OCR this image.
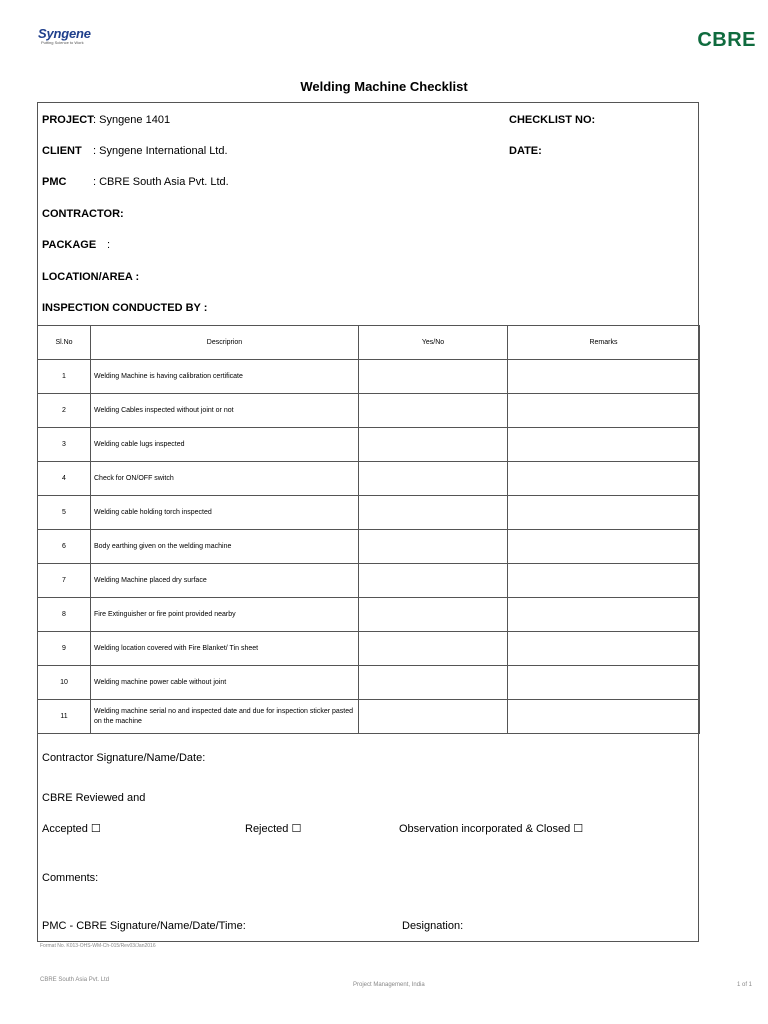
Syngene
Putting Science to Work	CBRE
Welding Machine Checklist
PROJECT: Syngene 1401	CHECKLIST NO:
CLIENT : Syngene International Ltd.	DATE:
PMC : CBRE South Asia Pvt. Ltd.
CONTRACTOR:
PACKAGE :
LOCATION/AREA :
INSPECTION CONDUCTED BY :
Sl.No	Descriprion	Yes/No	Remarks
1	Welding Machine is having calibration certificate		
2	Welding Cables inspected without joint or not		
3	Welding cable lugs inspected		
4	Check for ON/OFF switch		
5	Welding cable holding torch inspected		
6	Body earthing given on the welding machine		
7	Welding Machine placed dry surface		
8	Fire Extinguisher or fire point provided nearby		
9	Welding location covered with Fire Blanket/ Tin sheet		
10	Welding machine power cable without joint		
11	Welding machine serial no and inspected date and due for inspection sticker pasted on the machine		
Contractor Signature/Name/Date:
CBRE Reviewed and
Accepted ☐	Rejected ☐	Observation incorporated & Closed ☐
Comments:
PMC - CBRE Signature/Name/Date/Time:	Designation:
Format No. K013-OHS-WM-Ch-015/Rev03/Jan2016
CBRE South Asia Pvt. Ltd
Project Management, India	1 of 1
